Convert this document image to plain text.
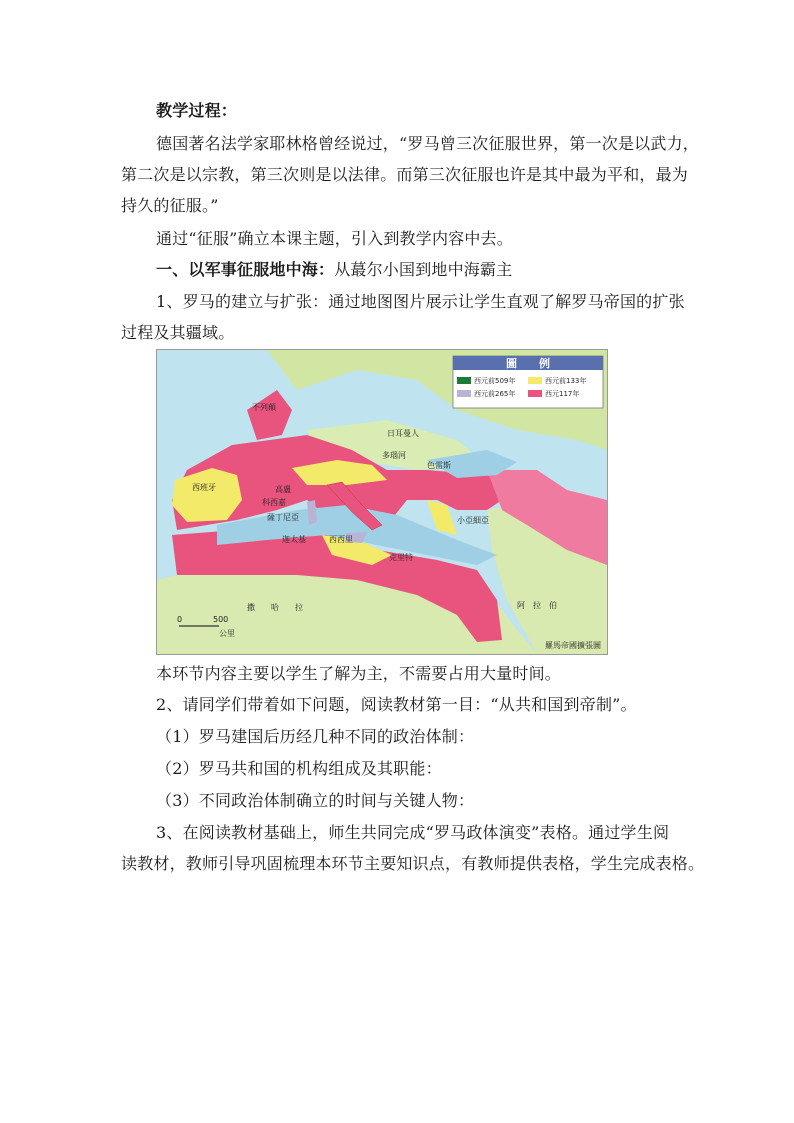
教学过程：
德国著名法学家耶林格曾经说过，“罗马曾三次征服世界，第一次是以武力，
第二次是以宗教，第三次则是以法律。而第三次征服也许是其中最为平和，最为
持久的征服。”
通过“征服”确立本课主题，引入到教学内容中去。
一、以军事征服地中海：从蕞尔小国到地中海霸主
1、罗马的建立与扩张：通过地图图片展示让学生直观了解罗马帝国的扩张
过程及其疆域。
圖　　例
西元前509年	西元前133年
西元前265年	西元117年
日耳曼人
不列顛
西班牙	高盧
科西嘉
薩丁尼亞
西西里
迦太基
克里特
色雷斯
小亞細亞
多瑙河
撒　　哈　　拉	阿　拉　伯
0	500
公里
羅馬帝國擴張圖
本环节内容主要以学生了解为主，不需要占用大量时间。
2、请同学们带着如下问题，阅读教材第一目：“从共和国到帝制”。
（1）罗马建国后历经几种不同的政治体制：
（2）罗马共和国的机构组成及其职能：
（3）不同政治体制确立的时间与关键人物：
3、在阅读教材基础上，师生共同完成“罗马政体演变”表格。通过学生阅
读教材，教师引导巩固梳理本环节主要知识点，有教师提供表格，学生完成表格。
